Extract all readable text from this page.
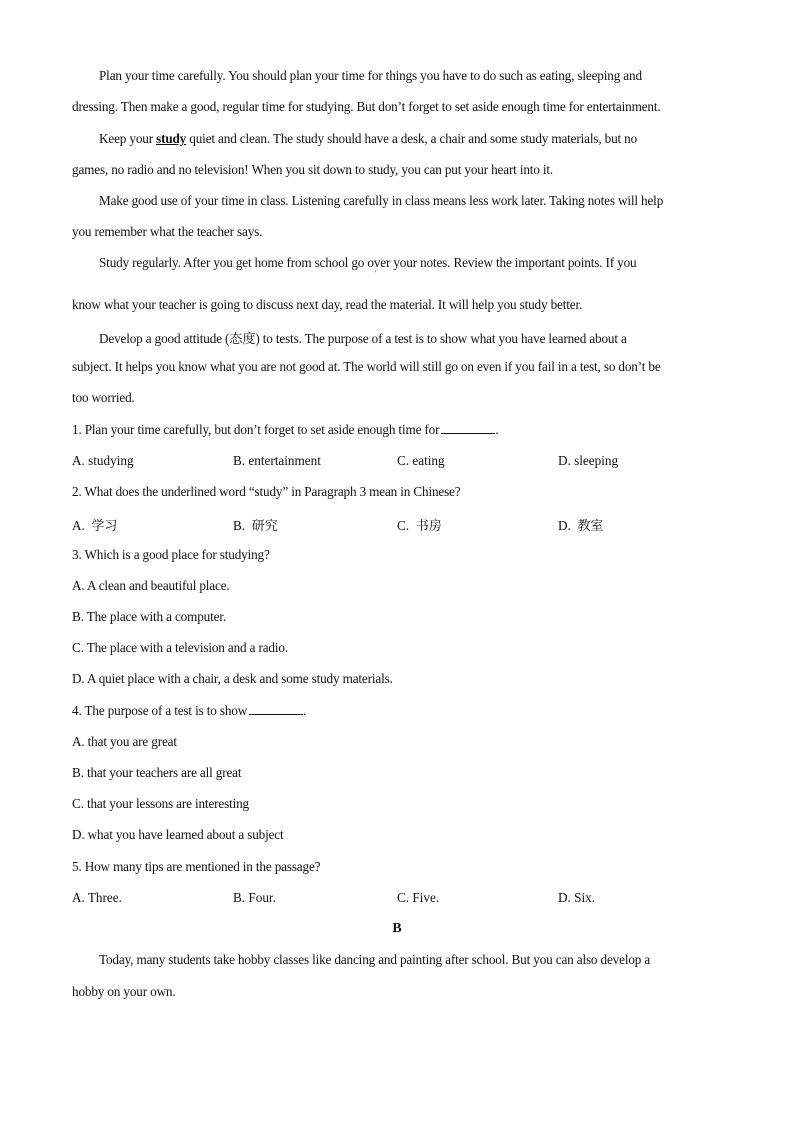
Plan your time carefully. You should plan your time for things you have to do such as eating, sleeping and
dressing. Then make a good, regular time for studying. But don’t forget to set aside enough time for entertainment.
Keep your study quiet and clean. The study should have a desk, a chair and some study materials, but no
games, no radio and no television! When you sit down to study, you can put your heart into it.
Make good use of your time in class. Listening carefully in class means less work later. Taking notes will help
you remember what the teacher says.
Study regularly. After you get home from school go over your notes. Review the important points. If you
'
know what your teacher is going to discuss next day, read the material. It will help you study better.
Develop a good attitude (态度) to tests. The purpose of a test is to show what you have learned about a
subject. It helps you know what you are not good at. The world will still go on even if you fail in a test, so don’t be
too worried.
1. Plan your time carefully, but don’t forget to set aside enough time for	.
A. studying	B. entertainment	C. eating	D. sleeping
2. What does the underlined word “study” in Paragraph 3 mean in Chinese?
A. 学习	B. 研究	C. 书房	D. 教室
3. Which is a good place for studying?
A. A clean and beautiful place.
B. The place with a computer.
C. The place with a television and a radio.
D. A quiet place with a chair, a desk and some study materials.
4. The purpose of a test is to show	.
A. that you are great
B. that your teachers are all great
C. that your lessons are interesting
D. what you have learned about a subject
5. How many tips are mentioned in the passage?
A. Three.	B. Four.	C. Five.	D. Six.
B
Today, many students take hobby classes like dancing and painting after school. But you can also develop a
hobby on your own.
